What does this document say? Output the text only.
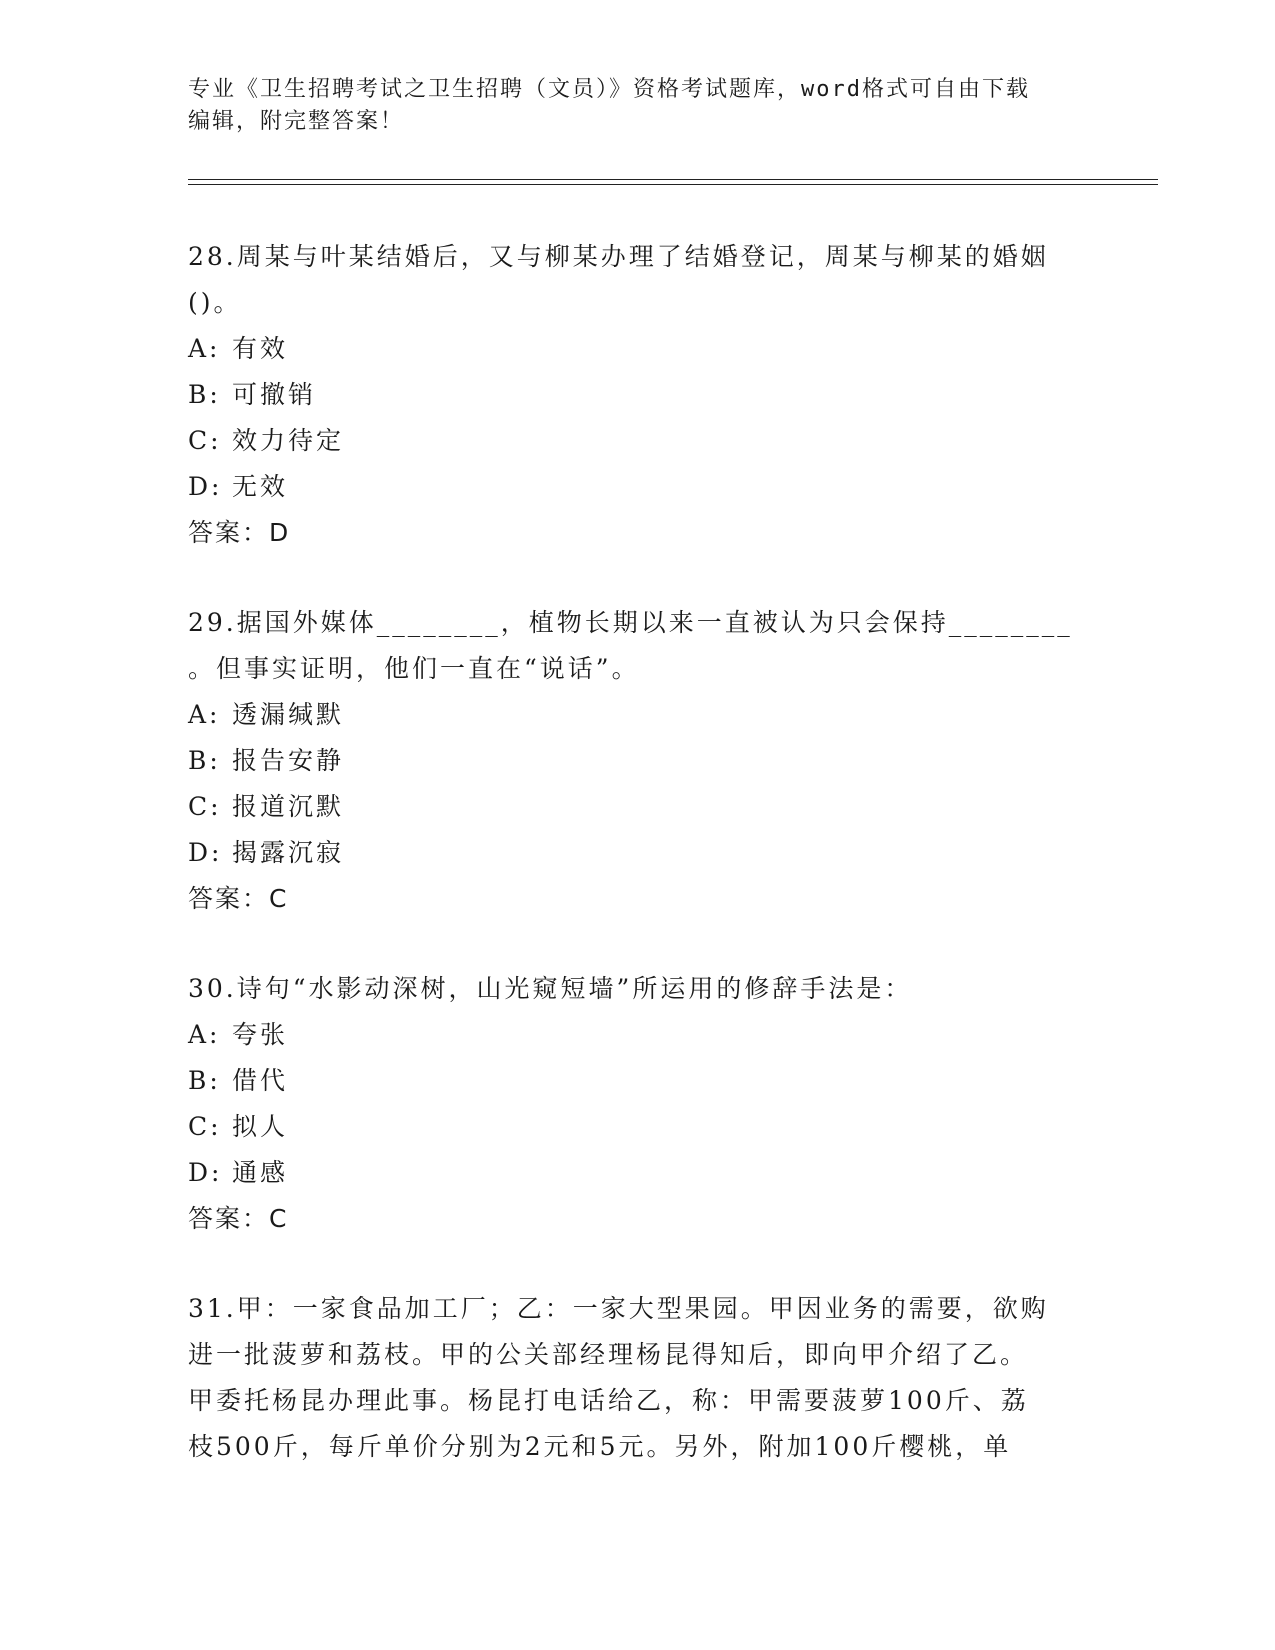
专业《卫生招聘考试之卫生招聘（文员）》资格考试题库，word格式可自由下载
编辑，附完整答案！
28.周某与叶某结婚后，又与柳某办理了结婚登记，周某与柳某的婚姻
()。
A: 有效
B: 可撤销
C: 效力待定
D: 无效
答案：D
29.据国外媒体________，植物长期以来一直被认为只会保持________
。但事实证明，他们一直在“说话”。
A: 透漏缄默
B: 报告安静
C: 报道沉默
D: 揭露沉寂
答案：C
30.诗句“水影动深树，山光窥短墙”所运用的修辞手法是：
A: 夸张
B: 借代
C: 拟人
D: 通感
答案：C
31.甲：一家食品加工厂；乙：一家大型果园。甲因业务的需要，欲购
进一批菠萝和荔枝。甲的公关部经理杨昆得知后，即向甲介绍了乙。
甲委托杨昆办理此事。杨昆打电话给乙，称：甲需要菠萝100斤、荔
枝500斤，每斤单价分别为2元和5元。另外，附加100斤樱桃，单
